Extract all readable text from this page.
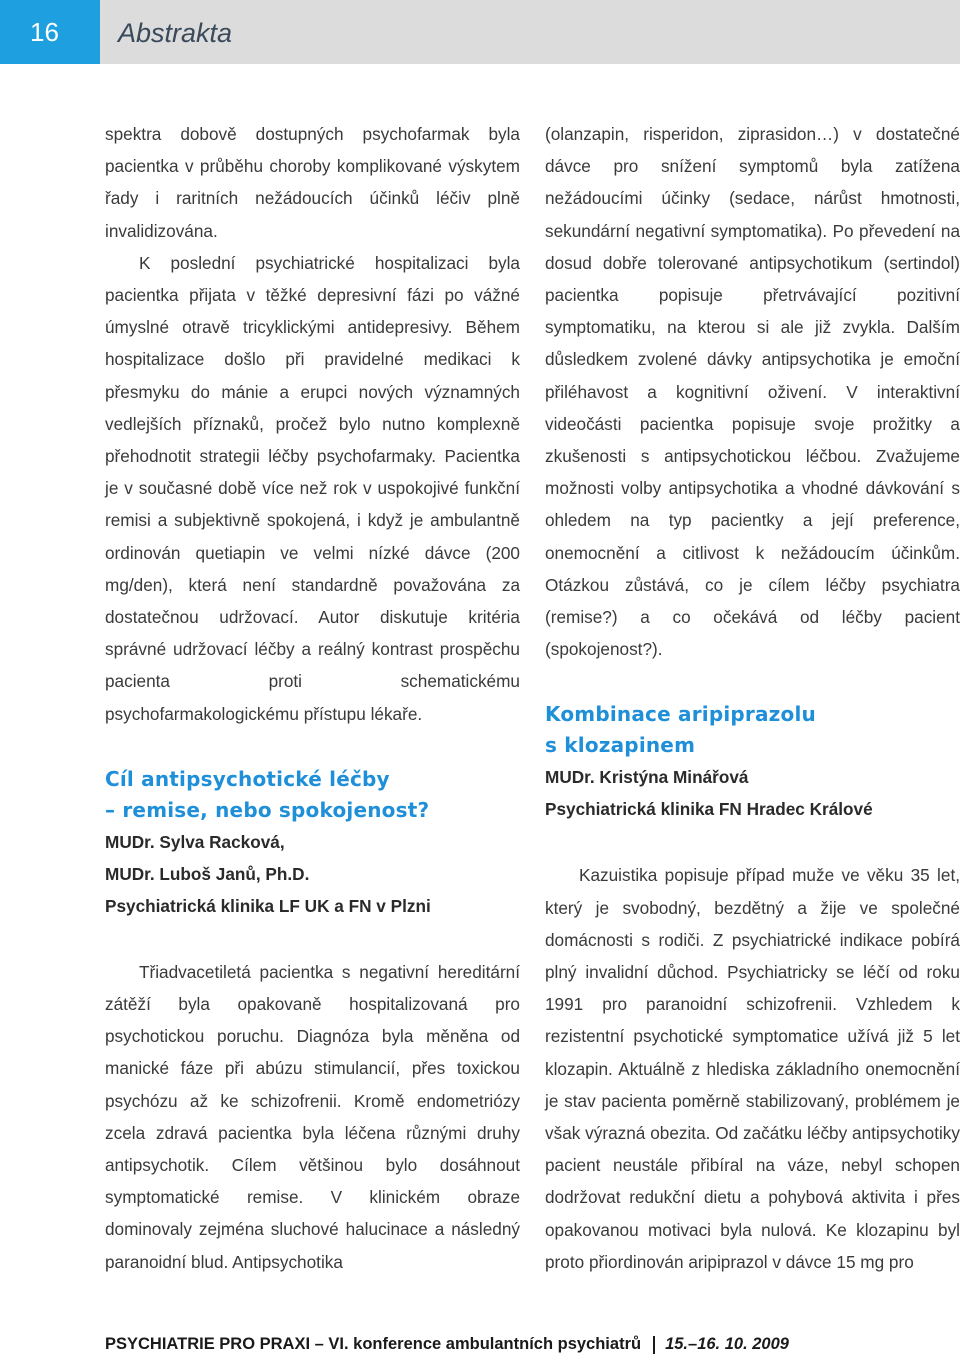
16	Abstrakta

spektra dobově dostupných psychofarmak byla pacientka v průběhu choroby komplikované výskytem řady i raritních nežádoucích účinků léčiv plně invalidizována.

K poslední psychiatrické hospitalizaci byla pacientka přijata v těžké depresivní fázi po vážné úmyslné otravě tricyklickými antidepresivy. Během hospitalizace došlo při pravidelné medikaci k přesmyku do mánie a erupci nových významných vedlejších příznaků, pročež bylo nutno komplexně přehodnotit strategii léčby psychofarmaky. Pacientka je v současné době více než rok v uspokojivé funkční remisi a subjektivně spokojená, i když je ambulantně ordinován quetiapin ve velmi nízké dávce (200 mg/den), která není standardně považována za dostatečnou udržovací. Autor diskutuje kritéria správné udržovací léčby a reálný kontrast prospěchu pacienta proti schematickému psychofarmakologickému přístupu lékaře.

Cíl antipsychotické léčby
– remise, nebo spokojenost?
MUDr. Sylva Racková,
MUDr. Luboš Janů, Ph.D.
Psychiatrická klinika LF UK a FN v Plzni

Třiadvacetiletá pacientka s negativní hereditární zátěží byla opakovaně hospitalizovaná pro psychotickou poruchu. Diagnóza byla měněna od manické fáze při abúzu stimulancií, přes toxickou psychózu až ke schizofrenii. Kromě endometriózy zcela zdravá pacientka byla léčena různými druhy antipsychotik. Cílem většinou bylo dosáhnout symptomatické remise. V klinickém obraze dominovaly zejména sluchové halucinace a následný paranoidní blud. Antipsychotika

(olanzapin, risperidon, ziprasidon…) v dostatečné dávce pro snížení symptomů byla zatížena nežádoucími účinky (sedace, nárůst hmotnosti, sekundární negativní symptomatika). Po převedení na dosud dobře tolerované antipsychotikum (sertindol) pacientka popisuje přetrvávající pozitivní symptomatiku, na kterou si ale již zvykla. Dalším důsledkem zvolené dávky antipsychotika je emoční přiléhavost a kognitivní oživení. V interaktivní videočásti pacientka popisuje svoje prožitky a zkušenosti s antipsychotickou léčbou. Zvažujeme možnosti volby antipsychotika a vhodné dávkování s ohledem na typ pacientky a její preference, onemocnění a citlivost k nežádoucím účinkům. Otázkou zůstává, co je cílem léčby psychiatra (remise?) a co očekává od léčby pacient (spokojenost?).

Kombinace aripiprazolu
s klozapinem
MUDr. Kristýna Minářová
Psychiatrická klinika FN Hradec Králové

Kazuistika popisuje případ muže ve věku 35 let, který je svobodný, bezdětný a žije ve společné domácnosti s rodiči. Z psychiatrické indikace pobírá plný invalidní důchod. Psychiatricky se léčí od roku 1991 pro paranoidní schizofrenii. Vzhledem k rezistentní psychotické symptomatice užívá již 5 let klozapin. Aktuálně z hlediska základního onemocnění je stav pacienta poměrně stabilizovaný, problémem je však výrazná obezita. Od začátku léčby antipsychotiky pacient neustále přibíral na váze, nebyl schopen dodržovat redukční dietu a pohybová aktivita i přes opakovanou motivaci byla nulová. Ke klozapinu byl proto přiordinován aripiprazol v dávce 15 mg pro

PSYCHIATRIE PRO PRAXI – VI. konference ambulantních psychiatrů 15.–16. 10. 2009
